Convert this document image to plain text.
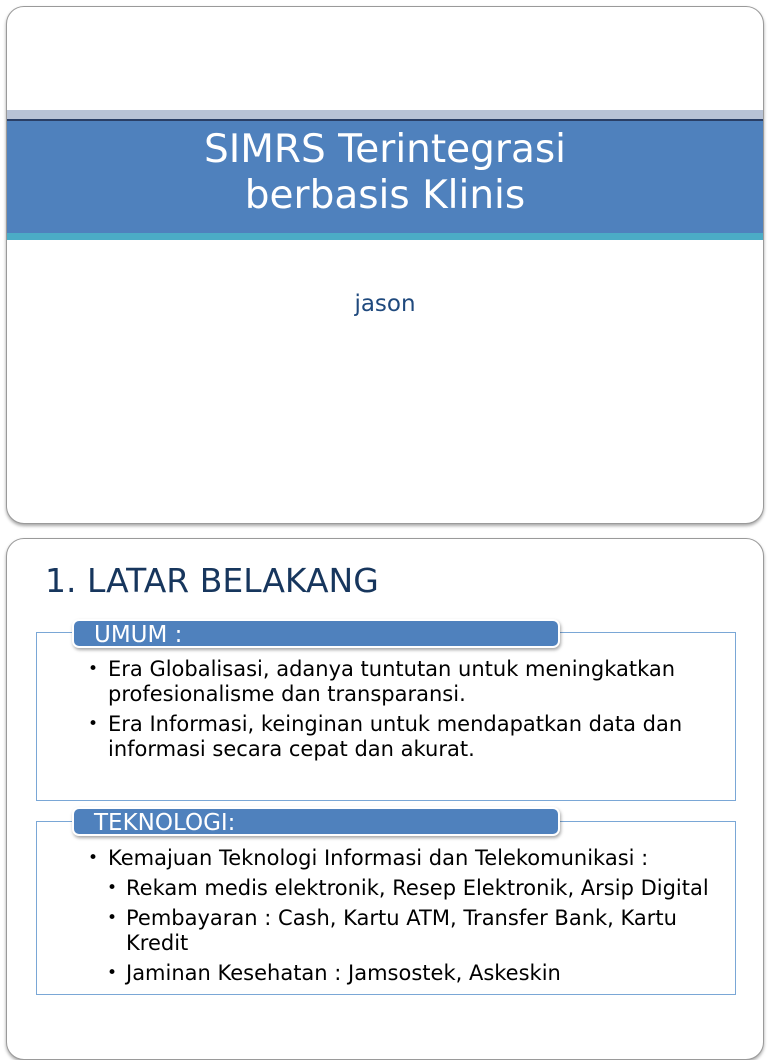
SIMRS Terintegrasi
berbasis Klinis
jason
1. LATAR BELAKANG
UMUM :
• Era Globalisasi, adanya tuntutan untuk meningkatkan profesionalisme dan transparansi.
• Era Informasi, keinginan untuk mendapatkan data dan informasi secara cepat dan akurat.
TEKNOLOGI:
• Kemajuan Teknologi Informasi dan Telekomunikasi :
• Rekam medis elektronik, Resep Elektronik, Arsip Digital
• Pembayaran : Cash, Kartu ATM, Transfer Bank, Kartu Kredit
• Jaminan Kesehatan : Jamsostek, Askeskin
